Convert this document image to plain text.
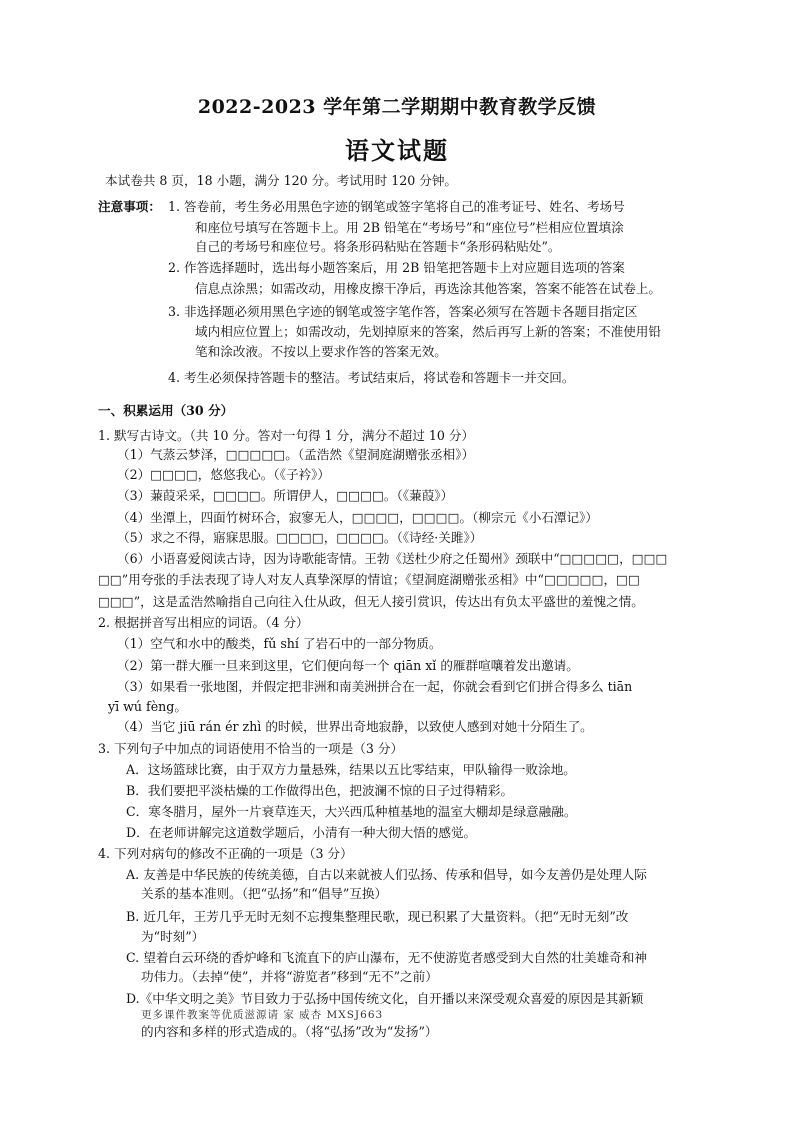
2022-2023 学年第二学期期中教育教学反馈
语文试题
本试卷共 8 页，18 小题，满分 120 分。考试用时 120 分钟。
注意事项： 1. 答卷前，考生务必用黑色字迹的钢笔或签字笔将自己的准考证号、姓名、考场号
和座位号填写在答题卡上。用 2B 铅笔在“考场号”和“座位号”栏相应位置填涂
自己的考场号和座位号。将条形码粘贴在答题卡“条形码粘贴处”。
2. 作答选择题时，选出每小题答案后，用 2B 铅笔把答题卡上对应题目选项的答案
信息点涂黑；如需改动，用橡皮擦干净后，再选涂其他答案，答案不能答在试卷上。
3. 非选择题必须用黑色字迹的钢笔或签字笔作答，答案必须写在答题卡各题目指定区
域内相应位置上；如需改动，先划掉原来的答案，然后再写上新的答案；不准使用铅
笔和涂改液。不按以上要求作答的答案无效。
4. 考生必须保持答题卡的整洁。考试结束后，将试卷和答题卡一并交回。
一、积累运用（30 分）
1. 默写古诗文。（共 10 分。答对一句得 1 分，满分不超过 10 分）
（1）气蒸云梦泽，□□□□□。（孟浩然《望洞庭湖赠张丞相》）
（2）□□□□，悠悠我心。（《子衿》）
（3）蒹葭采采，□□□□。所谓伊人，□□□□。（《蒹葭》）
（4）坐潭上，四面竹树环合，寂寥无人，□□□□，□□□□。（柳宗元《小石潭记》）
（5）求之不得，寤寐思服。□□□□，□□□□。（《诗经·关雎》）
（6）小语喜爱阅读古诗，因为诗歌能寄情。王勃《送杜少府之任蜀州》颈联中“□□□□□，□□□
□□”用夸张的手法表现了诗人对友人真挚深厚的情谊；《望洞庭湖赠张丞相》中“□□□□□，□□
□□□”，这是孟浩然喻指自己向往入仕从政，但无人接引赏识，传达出有负太平盛世的羞愧之情。
2. 根据拼音写出相应的词语。（4 分）
（1）空气和水中的酸类，fǔ shí 了岩石中的一部分物质。
（2）第一群大雁一旦来到这里，它们便向每一个 qiān xǐ 的雁群喧嚷着发出邀请。
（3）如果看一张地图，并假定把非洲和南美洲拼合在一起，你就会看到它们拼合得多么 tiān
yī wú fèng。
（4）当它 jiū rán ér zhì 的时候，世界出奇地寂静，以致使人感到对她十分陌生了。
3. 下列句子中加点的词语使用不恰当的一项是（3 分）
A．这场篮球比赛，由于双方力量悬殊，结果以五比零结束，甲队输得一败涂地。
B．我们要把平淡枯燥的工作做得出色，把波澜不惊的日子过得精彩。
C．寒冬腊月，屋外一片衰草连天，大兴西瓜种植基地的温室大棚却是绿意融融。
D．在老师讲解完这道数学题后，小清有一种大彻大悟的感觉。
4. 下列对病句的修改不正确的一项是（3 分）
A. 友善是中华民族的传统美德，自古以来就被人们弘扬、传承和倡导，如今友善仍是处理人际
关系的基本准则。（把“弘扬”和“倡导”互换）
B. 近几年，王芳几乎无时无刻不忘搜集整理民歌，现已积累了大量资料。（把“无时无刻”改
为“时刻”）
C. 望着白云环绕的香炉峰和飞流直下的庐山瀑布，无不使游览者感受到大自然的壮美雄奇和神
功伟力。（去掉“使”，并将“游览者”移到“无不”之前）
D.《中华文明之美》节目致力于弘扬中国传统文化，自开播以来深受观众喜爱的原因是其新颖
更多课件教案等优质滋源请 家 威杏 MXSJ663
的内容和多样的形式造成的。（将“弘扬”改为“发扬”）
